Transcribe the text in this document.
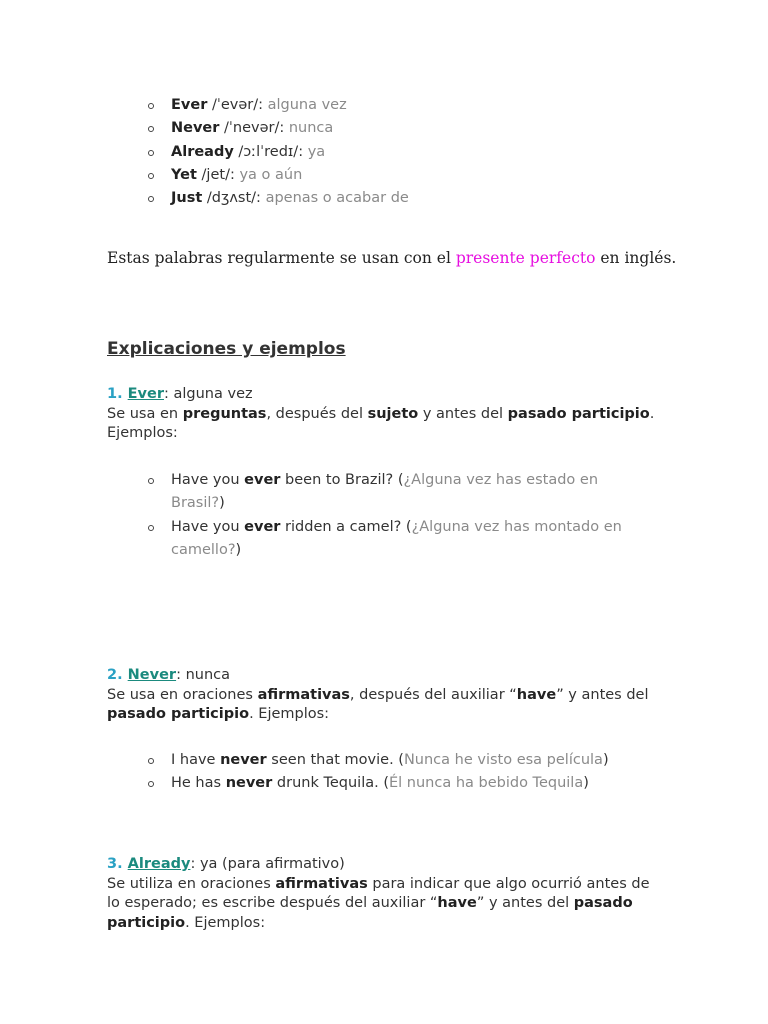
Ever /ˈevər/: alguna vez
Never /ˈnevər/: nunca
Already /ɔːlˈredɪ/: ya
Yet /jet/: ya o aún
Just /dʒʌst/: apenas o acabar de
Estas palabras regularmente se usan con el presente perfecto en inglés.
Explicaciones y ejemplos
1. Ever: alguna vez
Se usa en preguntas, después del sujeto y antes del pasado participio. Ejemplos:
Have you ever been to Brazil? (¿Alguna vez has estado en Brasil?)
Have you ever ridden a camel? (¿Alguna vez has montado en camello?)
2. Never: nunca
Se usa en oraciones afirmativas, después del auxiliar “have” y antes del pasado participio. Ejemplos:
I have never seen that movie. (Nunca he visto esa película)
He has never drunk Tequila. (Él nunca ha bebido Tequila)
3. Already: ya (para afirmativo)
Se utiliza en oraciones afirmativas para indicar que algo ocurrió antes de lo esperado; es escribe después del auxiliar “have” y antes del pasado participio. Ejemplos:
